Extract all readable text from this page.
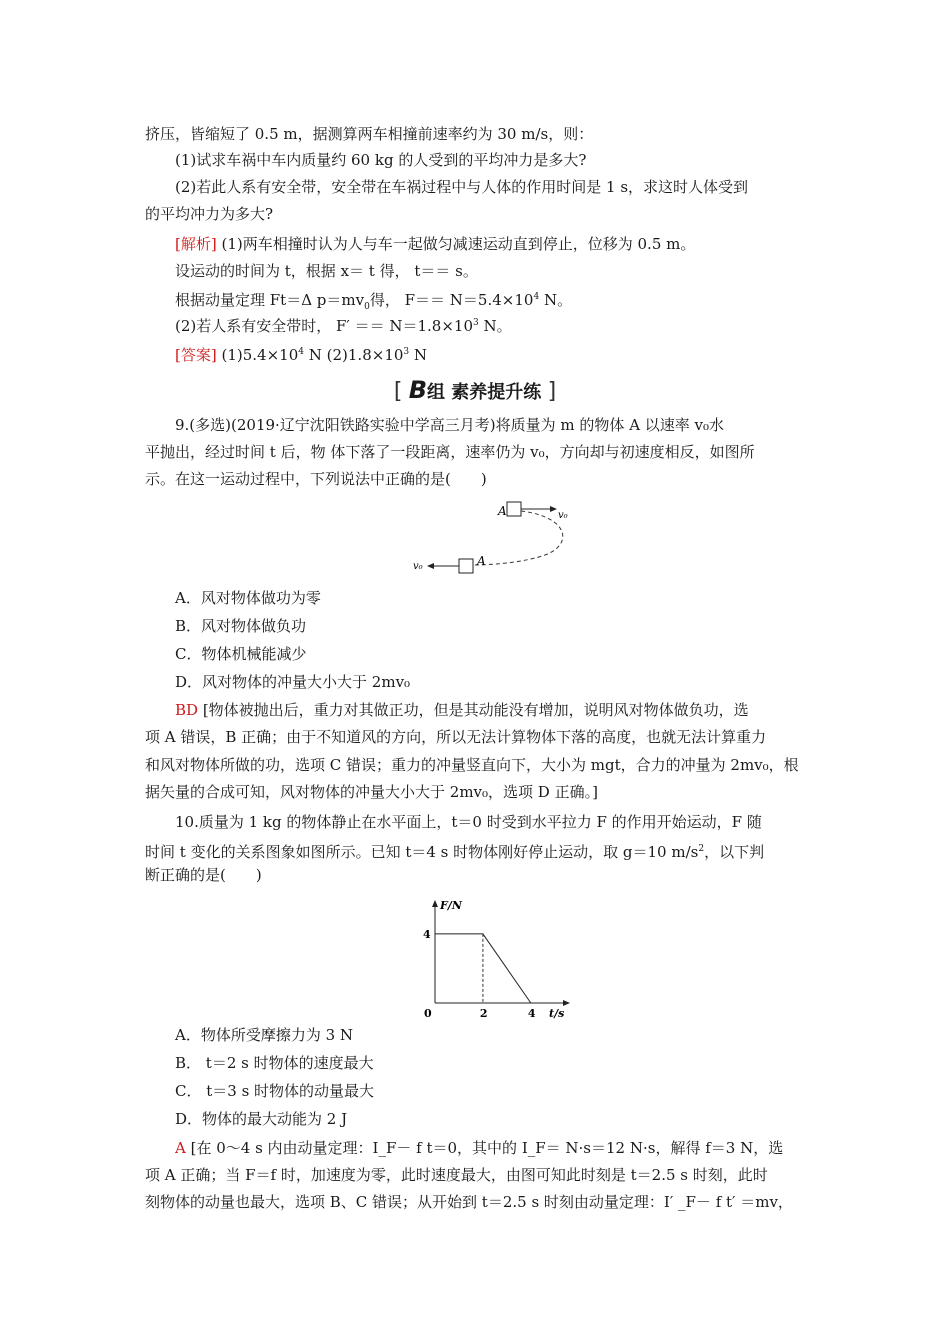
挤压，皆缩短了 0.5 m，据测算两车相撞前速率约为 30 m/s，则：
(1)试求车祸中车内质量约 60 kg 的人受到的平均冲力是多大?
(2)若此人系有安全带，安全带在车祸过程中与人体的作用时间是 1 s，求这时人体受到
的平均冲力为多大?
[解析] (1)两车相撞时认为人与车一起做匀减速运动直到停止，位移为 0.5 m。
设运动的时间为 t，根据 x＝ t 得， t＝＝ s。
根据动量定理 Ft＝Δ $p=mv_0$得， $F== N=5.4\times 10^4$ N。
(2)若人系有安全带时， $F' == N=1.8\times 10^3$ N。
[答案] $(1)5.4\times 10^4$ N $(2)1.8\times 10^3$ N
[ B组 素养提升练 ]
9.(多选)(2019·辽宁沈阳铁路实验中学高三月考)将质量为 m 的物体 A 以速率 v₀水
平抛出，经过时间 t 后，物 体下落了一段距离，速率仍为 v₀，方向却与初速度相反，如图所
示。在这一运动过程中，下列说法中正确的是(　　)
A	v₀
A
v₀
A．风对物体做功为零
B．风对物体做负功
C．物体机械能减少
D．风对物体的冲量大小大于 2mv₀
BD [物体被抛出后，重力对其做正功，但是其动能没有增加，说明风对物体做负功，选
项 A 错误，B 正确；由于不知道风的方向，所以无法计算物体下落的高度，也就无法计算重力
和风对物体所做的功，选项 C 错误；重力的冲量竖直向下，大小为 mgt，合力的冲量为 2mv₀，根
据矢量的合成可知，风对物体的冲量大小大于 2mv₀，选项 D 正确。]
10.质量为 1 kg 的物体静止在水平面上，t＝0 时受到水平拉力 F 的作用开始运动，F 随
时间 t 变化的关系图象如图所示。已知 t＝4 s 时物体刚好停止运动，取 g＝10 $m/s^2$，以下判
断正确的是(　　)
F/N
t/s
0
4
2	4
A．物体所受摩擦力为 3 N
B． t＝2 s 时物体的速度最大
C． t＝3 s 时物体的动量最大
D．物体的最大动能为 2 J
A [在 0～4 s 内由动量定理：I_F－ f t＝0，其中的 I_F＝ N·s＝12 N·s，解得 f＝3 N，选
项 A 正确；当 F＝f 时，加速度为零，此时速度最大，由图可知此时刻是 t＝2.5 s 时刻，此时
刻物体的动量也最大，选项 B、C 错误；从开始到 t＝2.5 s 时刻由动量定理：I′ _F－ f t′ ＝mv，
